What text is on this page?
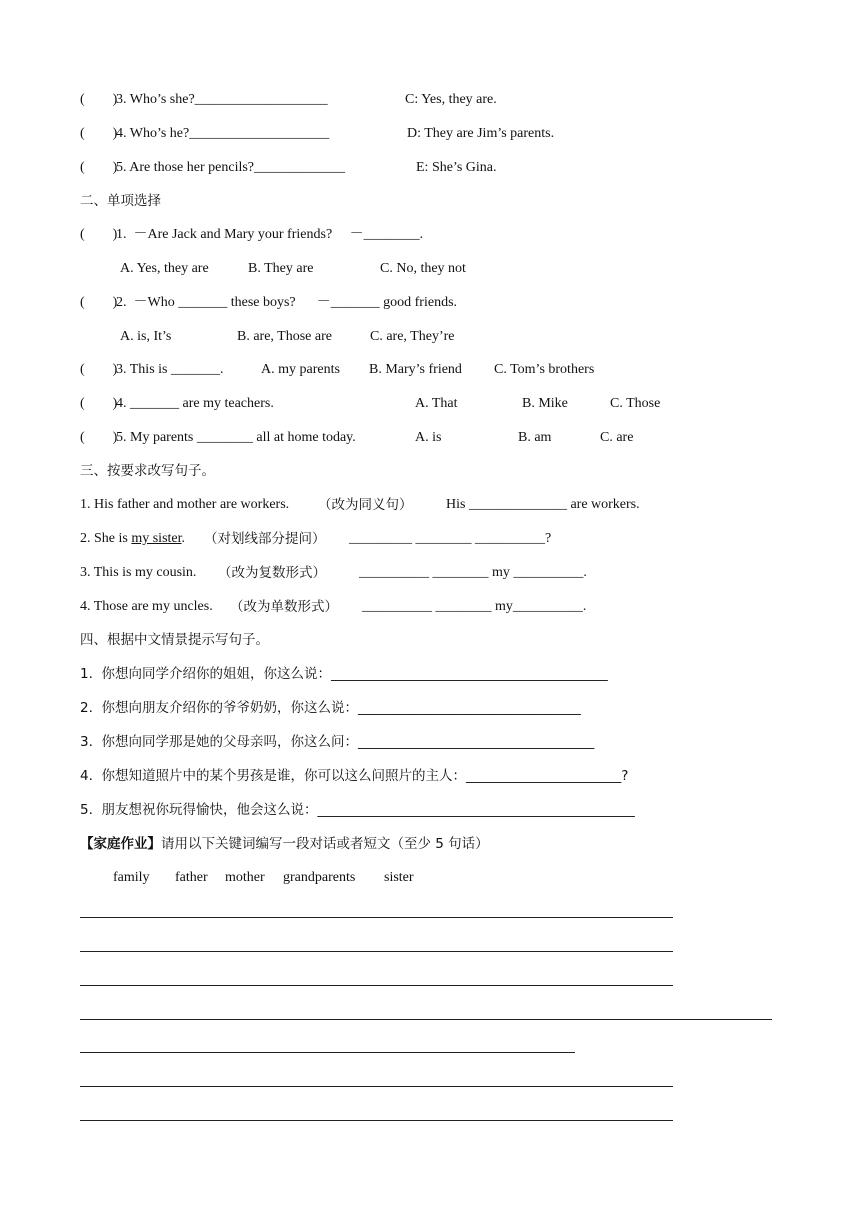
(        )
3. Who’s she?___________________	C: Yes, they are.
(        )
4. Who’s he?____________________	D: They are Jim’s parents.
(        )
5. Are those her pencils?_____________	E: She’s Gina.
二、单项选择
(        )
1.  －Are Jack and Mary your friends?     －________.
A. Yes, they are	B. They are	C. No, they not
(        )
2.  －Who _______ these boys?      －_______ good friends.
A. is, It’s	B. are, Those are	C. are, They’re
(        )
3. This is _______.	A. my parents B. Mary’s friend C. Tom’s brothers
(        )
4. _______ are my teachers.	A. That	B. Mike	C. Those
(        )
5. My parents ________ all at home today.	A. is	B. am	C. are
三、按要求改写句子。
1. His father and mother are workers. （改为同义句） His ______________ are workers.
2. She is my sister. （对划线部分提问） _________ ________ __________?
3. This is my cousin. （改为复数形式） __________ ________ my __________.
4. Those are my uncles. （改为单数形式） __________ ________ my__________.
四、根据中文情景提示写句子。
1.  你想向同学介绍你的姐姐，你这么说：_________________________________________
2.  你想向朋友介绍你的爷爷奶奶，你这么说：_________________________________
3.  你想向同学那是她的父母亲吗，你这么问：___________________________________
4.  你想知道照片中的某个男孩是谁，你可以这么问照片的主人：_______________________?
5.  朋友想祝你玩得愉快，他会这么说：_______________________________________________
【家庭作业】请用以下关键词编写一段对话或者短文（至少 5 句话）
family father mother grandparents sister
